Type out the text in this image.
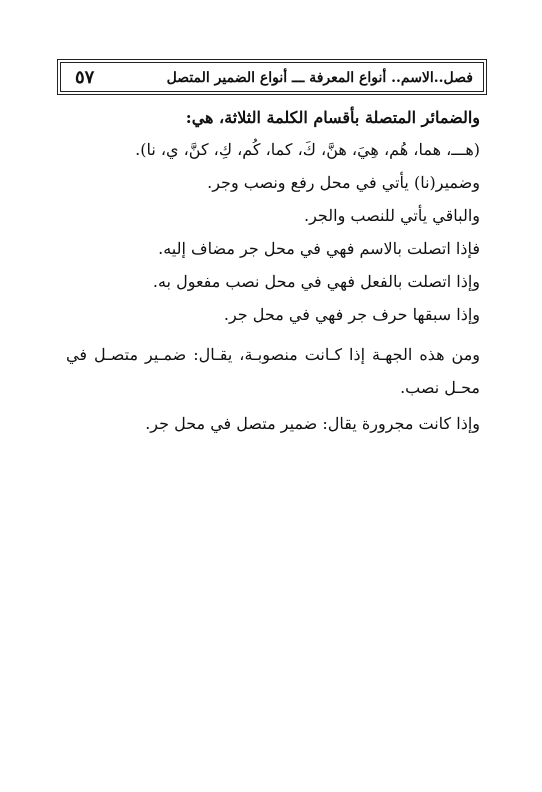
فصل..الاسم.. أنواع المعرفة ـــ أنواع الضمير المتصل
٥٧

والضمائر المتصلة بأقسام الكلمة الثلاثة، هي:

(هـــ، هما، هُم، هِيَ، هنَّ، كَ، كما، كُم، كِ، كنَّ، ي، نا).

وضمير(نا) يأتي في محل رفع ونصب وجر.

والباقي يأتي للنصب والجر.

فإذا اتصلت بالاسم فهي في محل جر مضاف إليه.

وإذا اتصلت بالفعل فهي في محل نصب مفعول به.

وإذا سبقها حرف جر فهي في محل جر.

ومن هذه الجهـة إذا كـانت منصوبـة، يقـال: ضمـير متصـل في محـل نصب.

وإذا كانت مجرورة يقال: ضمير متصل في محل جر.
